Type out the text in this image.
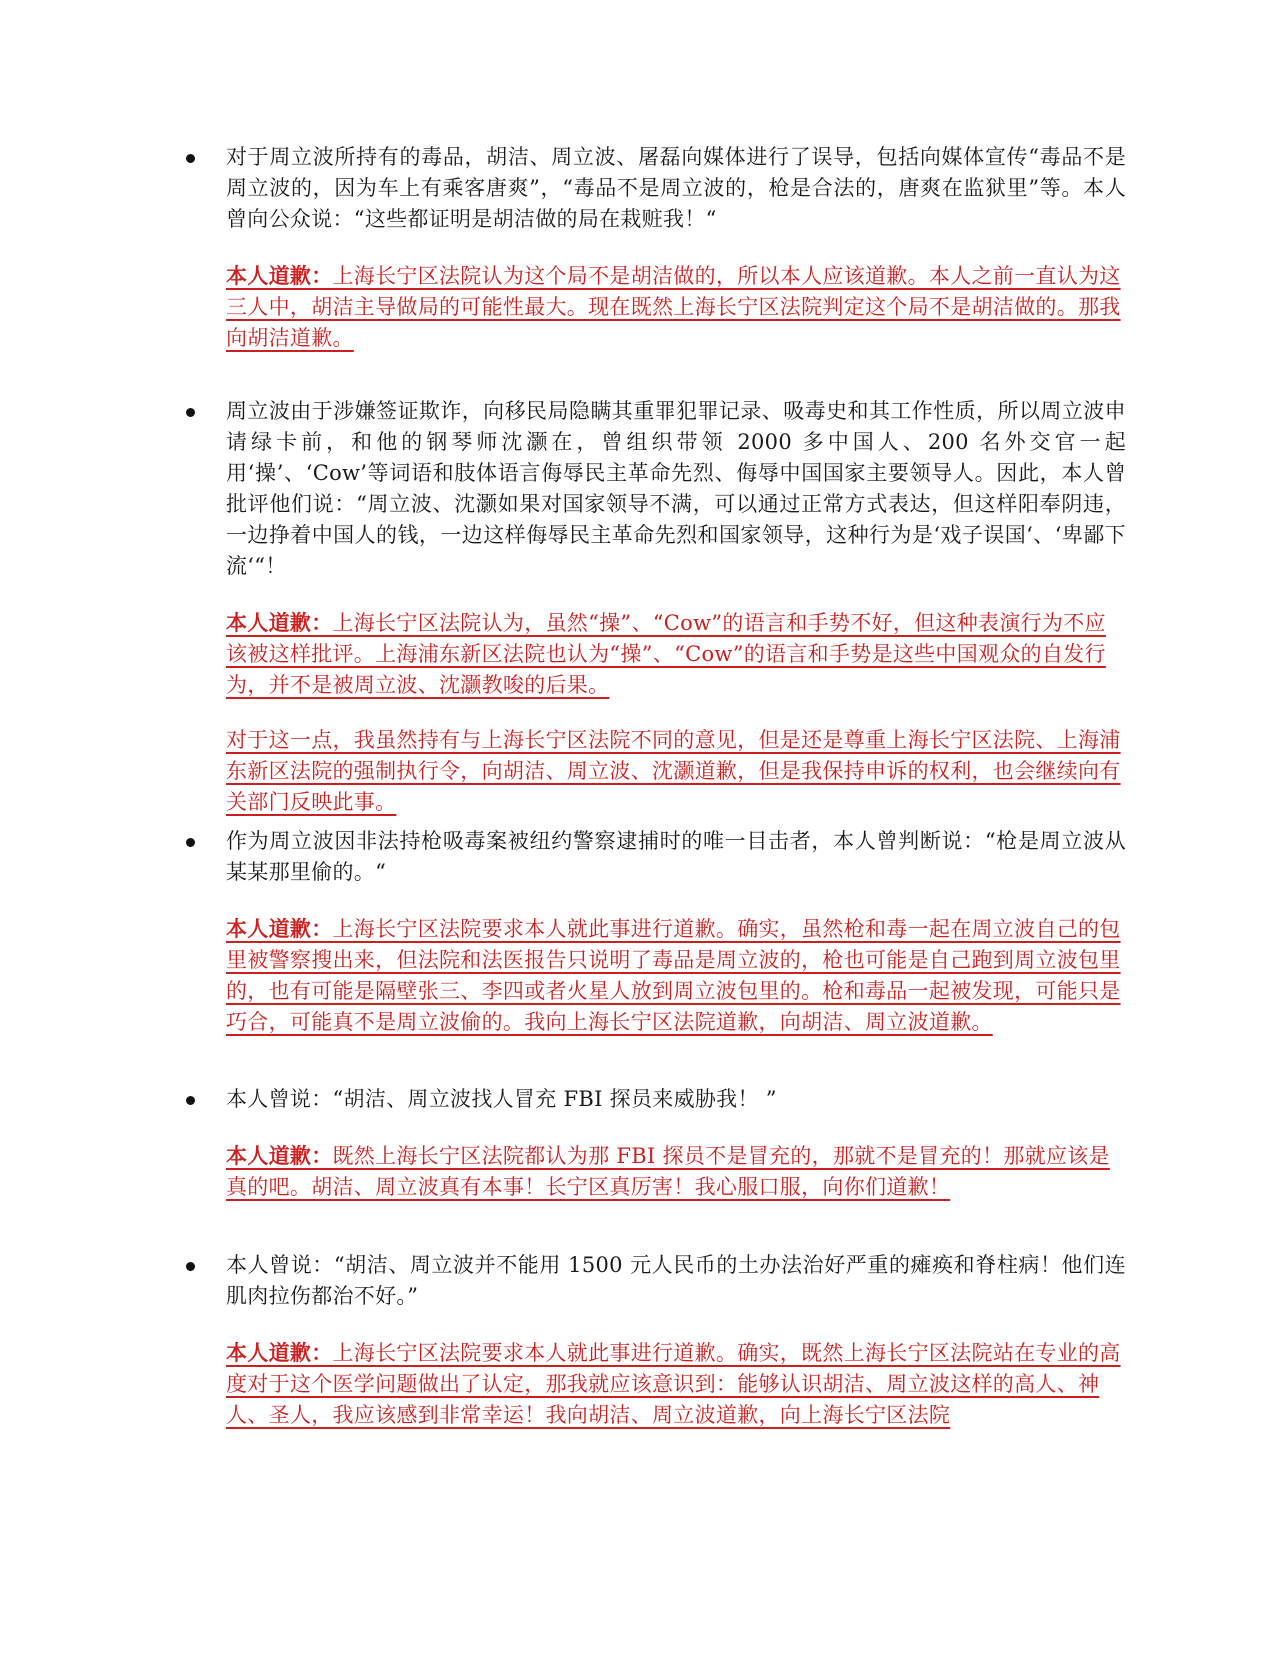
对于周立波所持有的毒品，胡洁、周立波、屠磊向媒体进行了误导，包括向媒体宣传“毒品不是周立波的，因为车上有乘客唐爽”，“毒品不是周立波的，枪是合法的，唐爽在监狱里”等。本人曾向公众说：“这些都证明是胡洁做的局在栽赃我！“
本人道歉：上海长宁区法院认为这个局不是胡洁做的，所以本人应该道歉。本人之前一直认为这三人中，胡洁主导做局的可能性最大。现在既然上海长宁区法院判定这个局不是胡洁做的。那我向胡洁道歉。
周立波由于涉嫌签证欺诈，向移民局隐瞒其重罪犯罪记录、吸毒史和其工作性质，所以周立波申请绿卡前，和他的钢琴师沈灏在，曾组织带领 2000 多中国人、200 名外交官一起用‘操’、‘Cow’等词语和肢体语言侮辱民主革命先烈、侮辱中国国家主要领导人。因此，本人曾批评他们说：“周立波、沈灏如果对国家领导不满，可以通过正常方式表达，但这样阳奉阴违，一边挣着中国人的钱，一边这样侮辱民主革命先烈和国家领导，这种行为是‘戏子误国‘、‘卑鄙下流‘“！
本人道歉：上海长宁区法院认为，虽然“操”、“Cow”的语言和手势不好，但这种表演行为不应该被这样批评。上海浦东新区法院也认为“操”、“Cow”的语言和手势是这些中国观众的自发行为，并不是被周立波、沈灏教唆的后果。
对于这一点，我虽然持有与上海长宁区法院不同的意见，但是还是尊重上海长宁区法院、上海浦东新区法院的强制执行令，向胡洁、周立波、沈灏道歉，但是我保持申诉的权利，也会继续向有关部门反映此事。
作为周立波因非法持枪吸毒案被纽约警察逮捕时的唯一目击者，本人曾判断说：“枪是周立波从某某那里偷的。“
本人道歉：上海长宁区法院要求本人就此事进行道歉。确实，虽然枪和毒一起在周立波自己的包里被警察搜出来，但法院和法医报告只说明了毒品是周立波的，枪也可能是自己跑到周立波包里的，也有可能是隔壁张三、李四或者火星人放到周立波包里的。枪和毒品一起被发现，可能只是巧合，可能真不是周立波偷的。我向上海长宁区法院道歉，向胡洁、周立波道歉。
本人曾说：“胡洁、周立波找人冒充 FBI 探员来威胁我！ ”
本人道歉：既然上海长宁区法院都认为那 FBI 探员不是冒充的，那就不是冒充的！那就应该是真的吧。胡洁、周立波真有本事！长宁区真厉害！我心服口服，向你们道歉！
本人曾说：“胡洁、周立波并不能用 1500 元人民币的土办法治好严重的瘫痪和脊柱病！他们连肌肉拉伤都治不好。”
本人道歉：上海长宁区法院要求本人就此事进行道歉。确实，既然上海长宁区法院站在专业的高度对于这个医学问题做出了认定，那我就应该意识到：能够认识胡洁、周立波这样的高人、神人、圣人，我应该感到非常幸运！我向胡洁、周立波道歉，向上海长宁区法院
